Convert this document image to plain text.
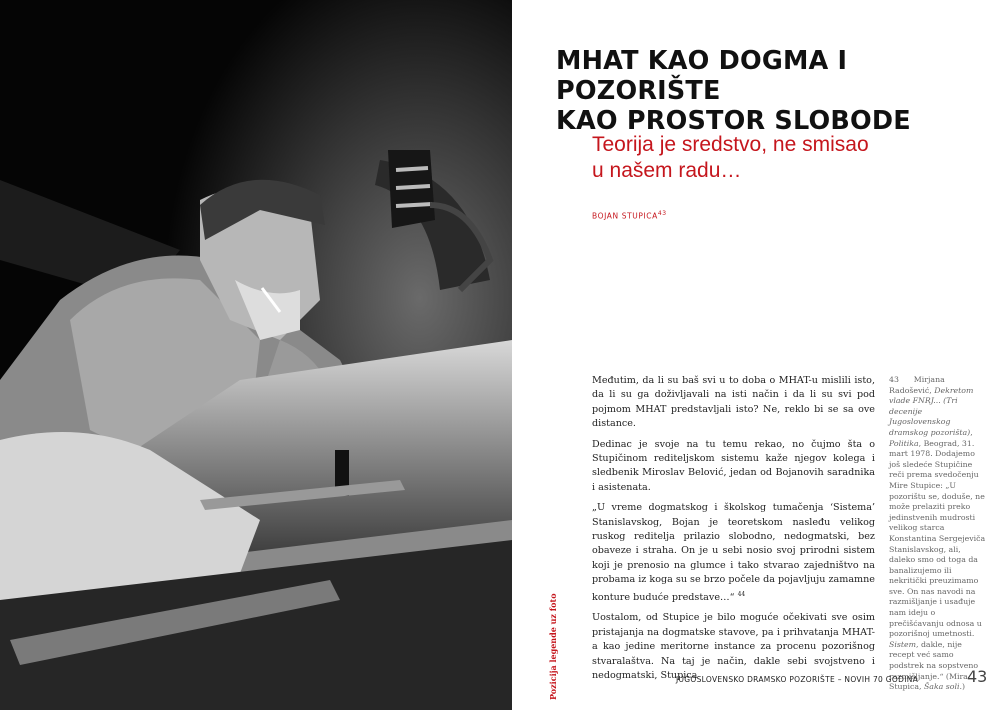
Pozicija legende uz foto
MHAT KAO DOGMA I POZORIŠTE
KAO PROSTOR SLOBODE
Teorija je sredstvo, ne smisao
u našem radu…
BOJAN STUPICA$^{43}$

Međutim, da li su baš svi u to doba o MHAT-u mislili isto, da li su ga doživljavali na isti način i da li su svi pod pojmom MHAT predstavljali isto? Ne, reklo bi se sa ove distance.

Dedinac je svoje na tu temu rekao, no čujmo šta o Stupičinom rediteljskom sistemu kaže njegov kolega i sledbenik Miroslav Belović, jedan od Bojanovih saradnika i asistenata.

„U vreme dogmatskog i školskog tumačenja ‘Sistema’ Stanislavskog, Bojan je teoretskom nasleđu velikog ruskog reditelja prilazio slobodno, nedogmatski, bez obaveze i straha. On je u sebi nosio svoj prirodni sistem koji je prenosio na glumce i tako stvarao zajedništvo na probama iz koga su se brzo počele da pojavljuju zamamne konture buduće predstave…“ $^{44}$

Uostalom, od Stupice je bilo moguće očekivati sve osim pristajanja na dogmatske stavove, pa i prihvatanja MHAT-a kao jedine meritorne instance za procenu pozorišnog stvaralaštva. Na taj je način, dakle sebi svojstveno i nedogmatski, Stupica

43 Mirjana Radošević, Dekretom vlade FNRJ... (Tri decenije Jugoslovenskog dramskog pozorišta), Politika, Beograd, 31. mart 1978. Dodajemo još sledeće Stupičine reči prema svedočenju Mire Stupice: „U pozorištu se, doduše, ne može prelaziti preko jedinstvenih mudrosti velikog starca Konstantina Sergejeviča Stanislavskog, ali, daleko smo od toga da banalizujemo ili nekritički preuzimamo sve. On nas navodi na razmišljanje i usađuje nam ideju o prečišćavanju odnosa u pozorišnoj umetnosti. Sistem, dakle, nije recept već samo podstrek na sopstveno razmišljanje.“ (Mira Stupica, Šaka soli.)
JUGOSLOVENSKO DRAMSKO POZORIŠTE – NOVIH 70 GODINA	43
